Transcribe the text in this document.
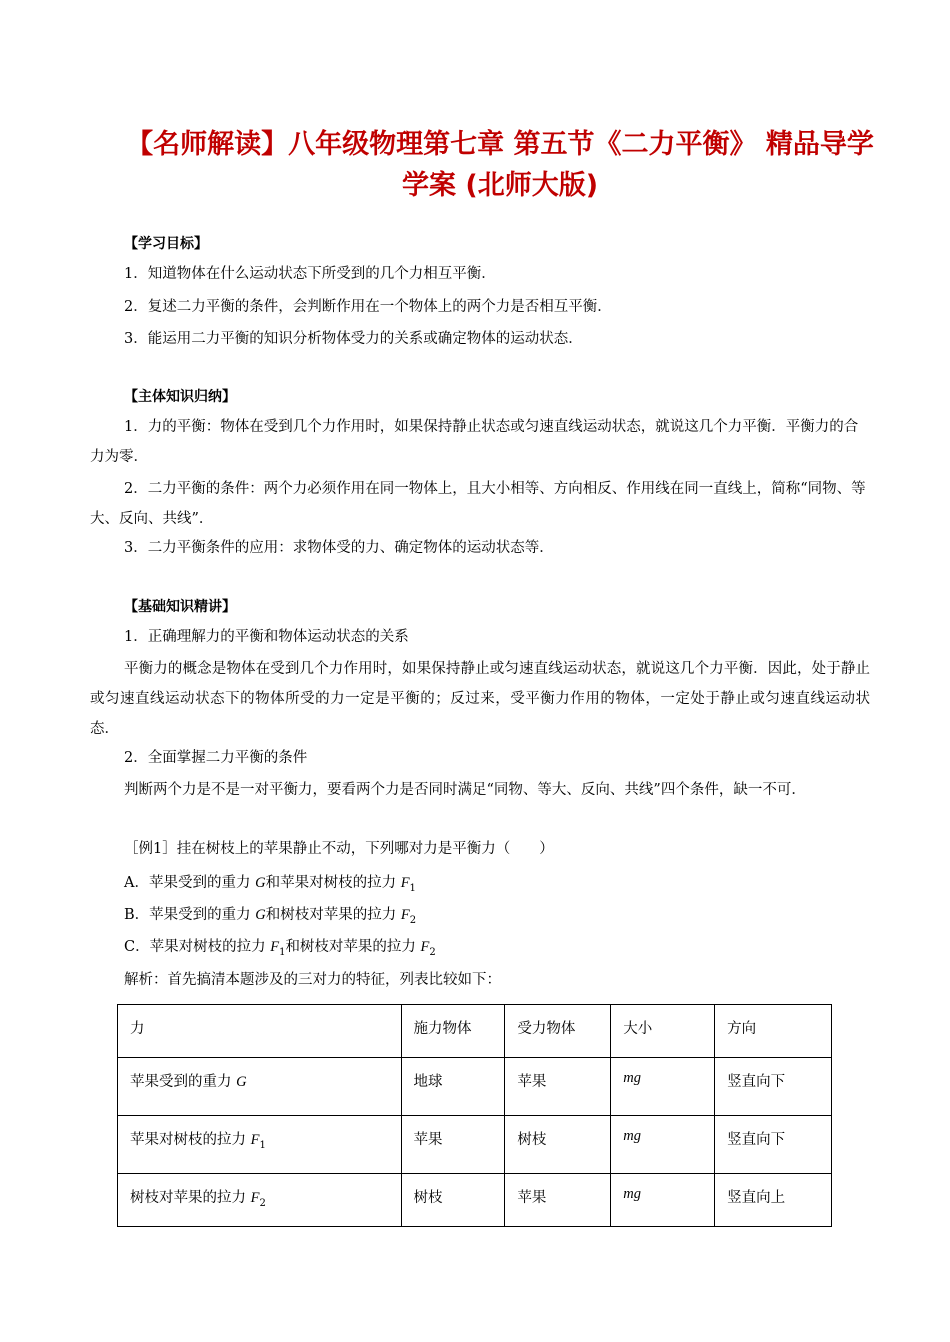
【名师解读】八年级物理第七章 第五节《二力平衡》 精品导学学案 (北师大版)
【学习目标】
1．知道物体在什么运动状态下所受到的几个力相互平衡．
2．复述二力平衡的条件，会判断作用在一个物体上的两个力是否相互平衡．
3．能运用二力平衡的知识分析物体受力的关系或确定物体的运动状态．
【主体知识归纳】
1．力的平衡：物体在受到几个力作用时，如果保持静止状态或匀速直线运动状态，就说这几个力平衡．平衡力的合力为零．
2．二力平衡的条件：两个力必须作用在同一物体上，且大小相等、方向相反、作用线在同一直线上，简称“同物、等大、反向、共线”．
3．二力平衡条件的应用：求物体受的力、确定物体的运动状态等．
【基础知识精讲】
1．正确理解力的平衡和物体运动状态的关系
平衡力的概念是物体在受到几个力作用时，如果保持静止或匀速直线运动状态，就说这几个力平衡．因此，处于静止或匀速直线运动状态下的物体所受的力一定是平衡的；反过来，受平衡力作用的物体，一定处于静止或匀速直线运动状态．
2．全面掌握二力平衡的条件
判断两个力是不是一对平衡力，要看两个力是否同时满足“同物、等大、反向、共线”四个条件，缺一不可．
［例1］挂在树枝上的苹果静止不动，下列哪对力是平衡力（　　）
A．苹果受到的重力 G和苹果对树枝的拉力 $F_1$
B．苹果受到的重力 G和树枝对苹果的拉力 $F_2$
C．苹果对树枝的拉力 $F_1$和树枝对苹果的拉力 $F_2$
解析：首先搞清本题涉及的三对力的特征，列表比较如下：
力	施力物体	受力物体	大小	方向
苹果受到的重力 G	地球	苹果	mg	竖直向下
苹果对树枝的拉力 $F_1$	苹果	树枝	mg	竖直向下
树枝对苹果的拉力 $F_2$	树枝	苹果	mg	竖直向上
